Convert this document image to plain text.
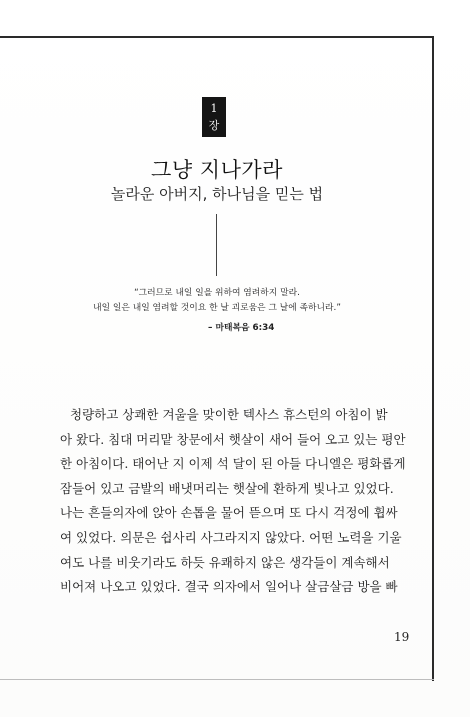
1
장
그냥 지나가라
놀라운 아버지, 하나님을 믿는 법
“그러므로 내일 일을 위하여 염려하지 말라.
내일 일은 내일 염려할 것이요 한 날 괴로움은 그 날에 족하니라.”
– 마태복음 6:34
청량하고 상쾌한 겨울을 맞이한 텍사스 휴스턴의 아침이 밝
아 왔다. 침대 머리맡 창문에서 햇살이 새어 들어 오고 있는 평안
한 아침이다. 태어난 지 이제 석 달이 된 아들 다니엘은 평화롭게
잠들어 있고 금발의 배냇머리는 햇살에 환하게 빛나고 있었다.
나는 흔들의자에 앉아 손톱을 물어 뜯으며 또 다시 걱정에 휩싸
여 있었다. 의문은 쉽사리 사그라지지 않았다. 어떤 노력을 기울
여도 나를 비웃기라도 하듯 유쾌하지 않은 생각들이 계속해서
비어져 나오고 있었다. 결국 의자에서 일어나 살금살금 방을 빠
19
